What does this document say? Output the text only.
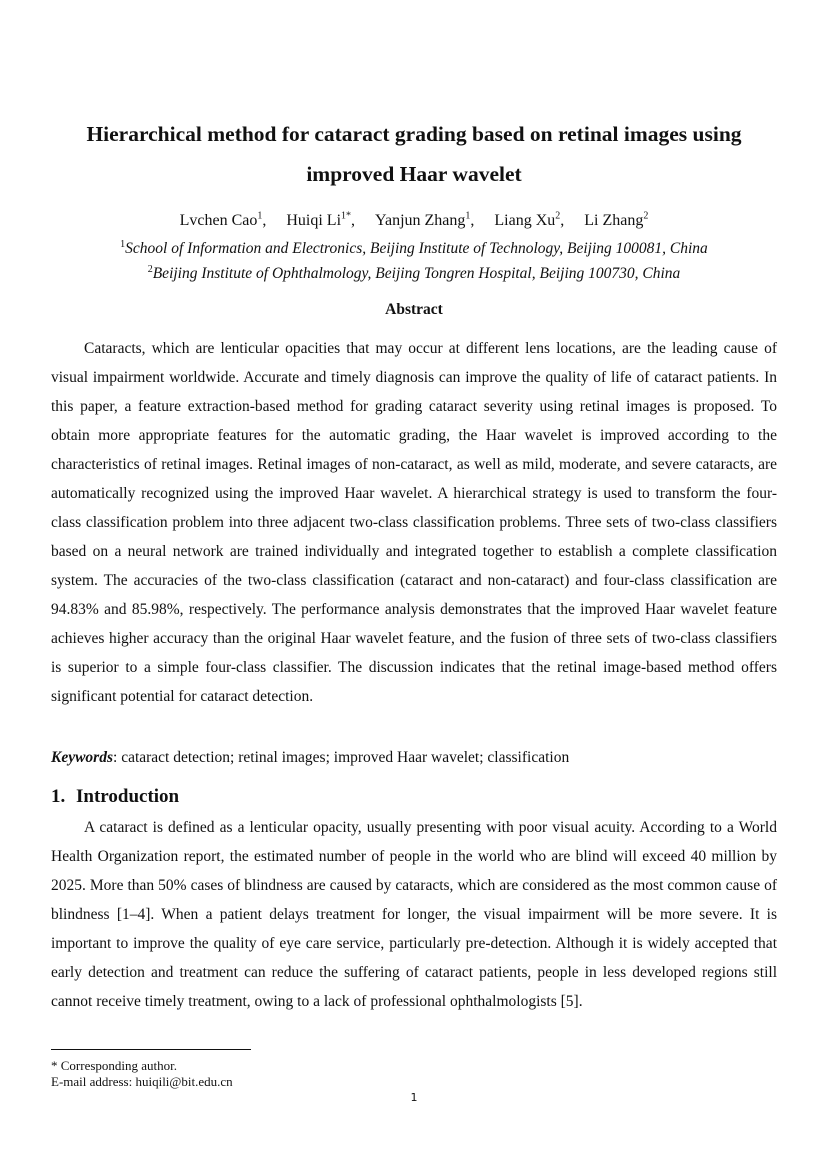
Hierarchical method for cataract grading based on retinal images using improved Haar wavelet
Lvchen Cao$^1$, Huiqi $Li^{1*}$, Yanjun Zhang$^1$, Liang Xu$^2$, Li Zhang$^2$
$^1$School of Information and Electronics, Beijing Institute of Technology, Beijing 100081, China
$^2$Beijing Institute of Ophthalmology, Beijing Tongren Hospital, Beijing 100730, China
Abstract

Cataracts, which are lenticular opacities that may occur at different lens locations, are the leading cause of visual impairment worldwide. Accurate and timely diagnosis can improve the quality of life of cataract patients. In this paper, a feature extraction-based method for grading cataract severity using retinal images is proposed. To obtain more appropriate features for the automatic grading, the Haar wavelet is improved according to the characteristics of retinal images. Retinal images of non-cataract, as well as mild, moderate, and severe cataracts, are automatically recognized using the improved Haar wavelet. A hierarchical strategy is used to transform the four-class classification problem into three adjacent two-class classification problems. Three sets of two-class classifiers based on a neural network are trained individually and integrated together to establish a complete classification system. The accuracies of the two-class classification (cataract and non-cataract) and four-class classification are 94.83% and 85.98%, respectively. The performance analysis demonstrates that the improved Haar wavelet feature achieves higher accuracy than the original Haar wavelet feature, and the fusion of three sets of two-class classifiers is superior to a simple four-class classifier. The discussion indicates that the retinal image-based method offers significant potential for cataract detection.

Keywords: cataract detection; retinal images; improved Haar wavelet; classification

1. Introduction

A cataract is defined as a lenticular opacity, usually presenting with poor visual acuity. According to a World Health Organization report, the estimated number of people in the world who are blind will exceed 40 million by 2025. More than 50% cases of blindness are caused by cataracts, which are considered as the most common cause of blindness [1–4]. When a patient delays treatment for longer, the visual impairment will be more severe. It is important to improve the quality of eye care service, particularly pre-detection. Although it is widely accepted that early detection and treatment can reduce the suffering of cataract patients, people in less developed regions still cannot receive timely treatment, owing to a lack of professional ophthalmologists [5].

* Corresponding author.
E-mail address: huiqili@bit.edu.cn
1
